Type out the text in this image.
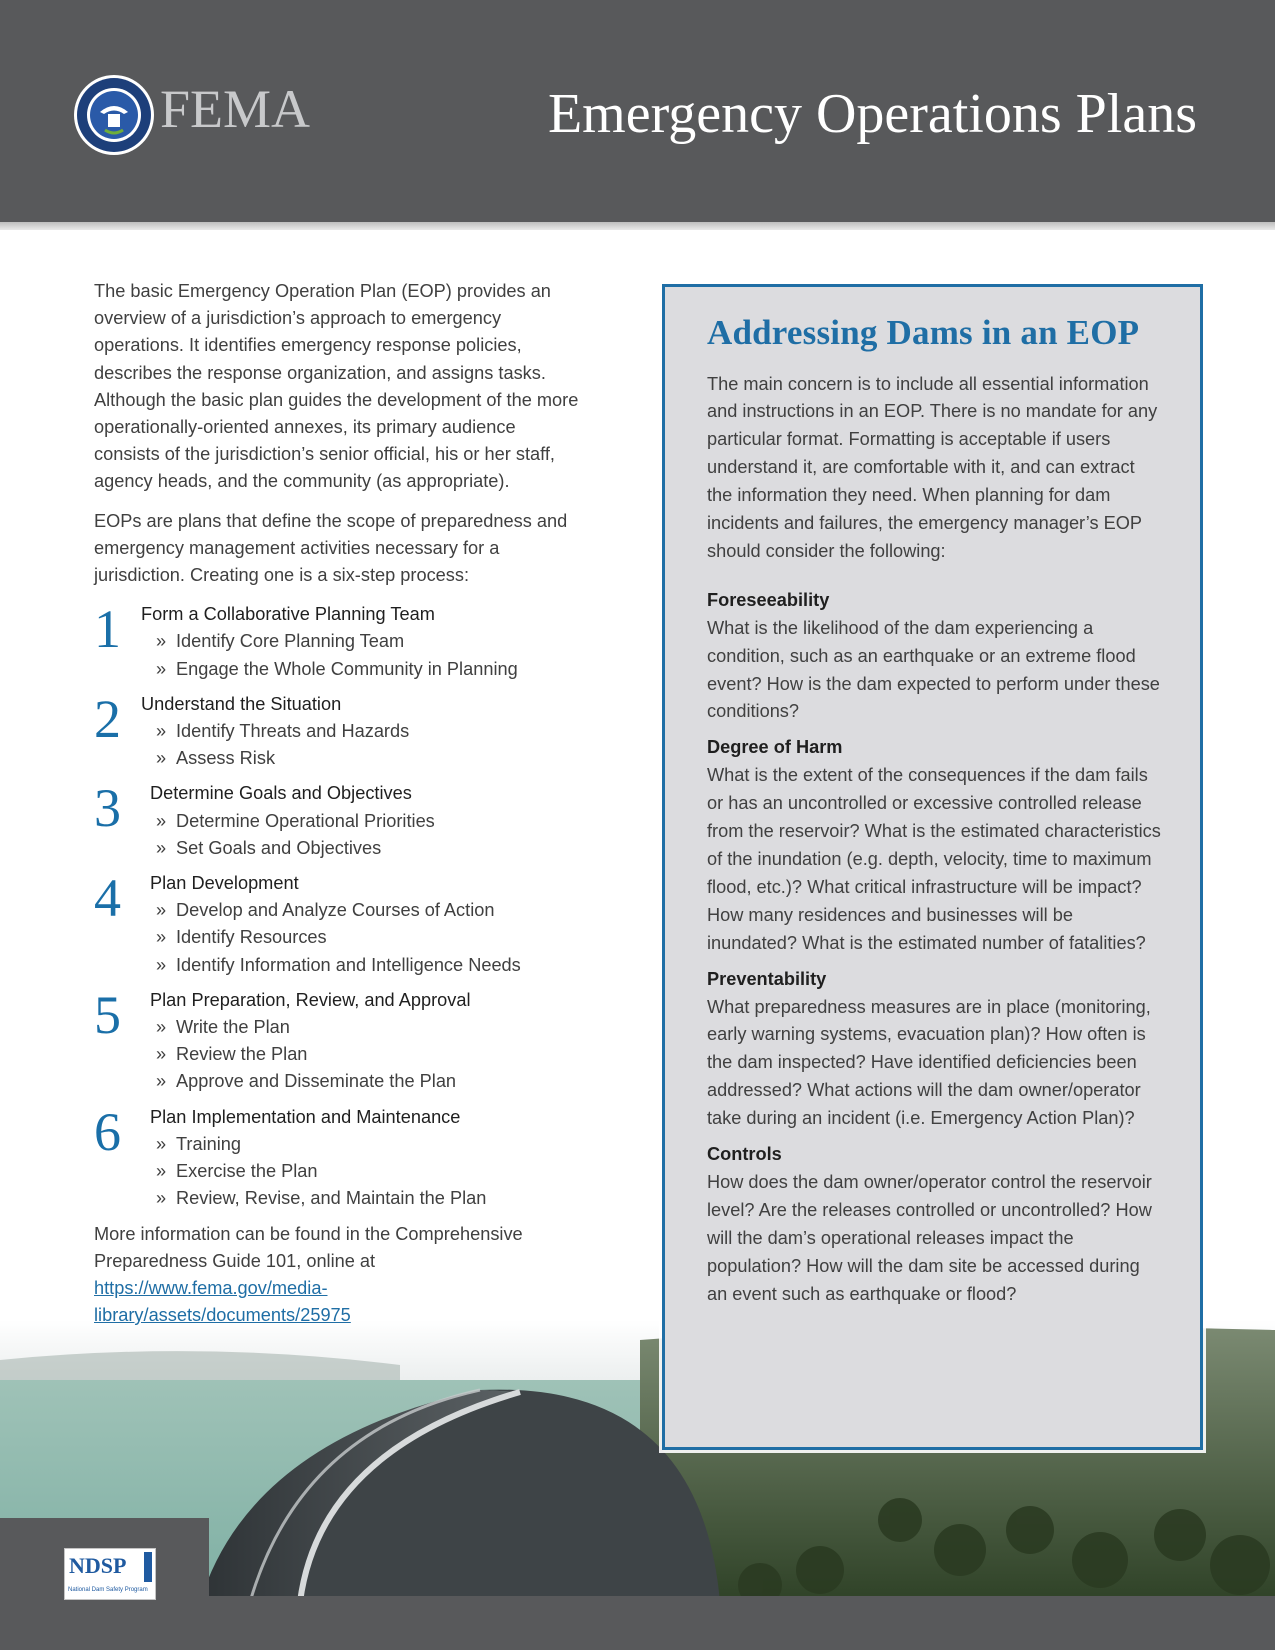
FEMA	Emergency Operations Plans

The basic Emergency Operation Plan (EOP) provides an overview of a jurisdiction’s approach to emergency operations. It identifies emergency response policies, describes the response organization, and assigns tasks. Although the basic plan guides the development of the more operationally-oriented annexes, its primary audience consists of the jurisdiction’s senior official, his or her staff, agency heads, and the community (as appropriate).

EOPs are plans that define the scope of preparedness and emergency management activities necessary for a jurisdiction. Creating one is a six-step process:

1	Form a Collaborative Planning Team
» Identify Core Planning Team
» Engage the Whole Community in Planning
2	Understand the Situation
» Identify Threats and Hazards
» Assess Risk
3	Determine Goals and Objectives
» Determine Operational Priorities
» Set Goals and Objectives
4	Plan Development
» Develop and Analyze Courses of Action
» Identify Resources
» Identify Information and Intelligence Needs
5	Plan Preparation, Review, and Approval
» Write the Plan
» Review the Plan
» Approve and Disseminate the Plan
6	Plan Implementation and Maintenance
» Training
» Exercise the Plan
» Review, Revise, and Maintain the Plan

More information can be found in the Comprehensive Preparedness Guide 101, online at https://www.fema.gov/media-library/assets/documents/25975

Addressing Dams in an EOP

The main concern is to include all essential information and instructions in an EOP. There is no mandate for any particular format. Formatting is acceptable if users understand it, are comfortable with it, and can extract the information they need. When planning for dam incidents and failures, the emergency manager’s EOP should consider the following:

Foreseeability
What is the likelihood of the dam experiencing a condition, such as an earthquake or an extreme flood event? How is the dam expected to perform under these conditions?
Degree of Harm
What is the extent of the consequences if the dam fails or has an uncontrolled or excessive controlled release from the reservoir? What is the estimated characteristics of the inundation (e.g. depth, velocity, time to maximum flood, etc.)? What critical infrastructure will be impact? How many residences and businesses will be inundated? What is the estimated number of fatalities?
Preventability
What preparedness measures are in place (monitoring, early warning systems, evacuation plan)? How often is the dam inspected? Have identified deficiencies been addressed? What actions will the dam owner/operator take during an incident (i.e. Emergency Action Plan)?
Controls
How does the dam owner/operator control the reservoir level? Are the releases controlled or uncontrolled? How will the dam’s operational releases impact the population? How will the dam site be accessed during an event such as earthquake or flood?
NDSP
National Dam Safety Program
